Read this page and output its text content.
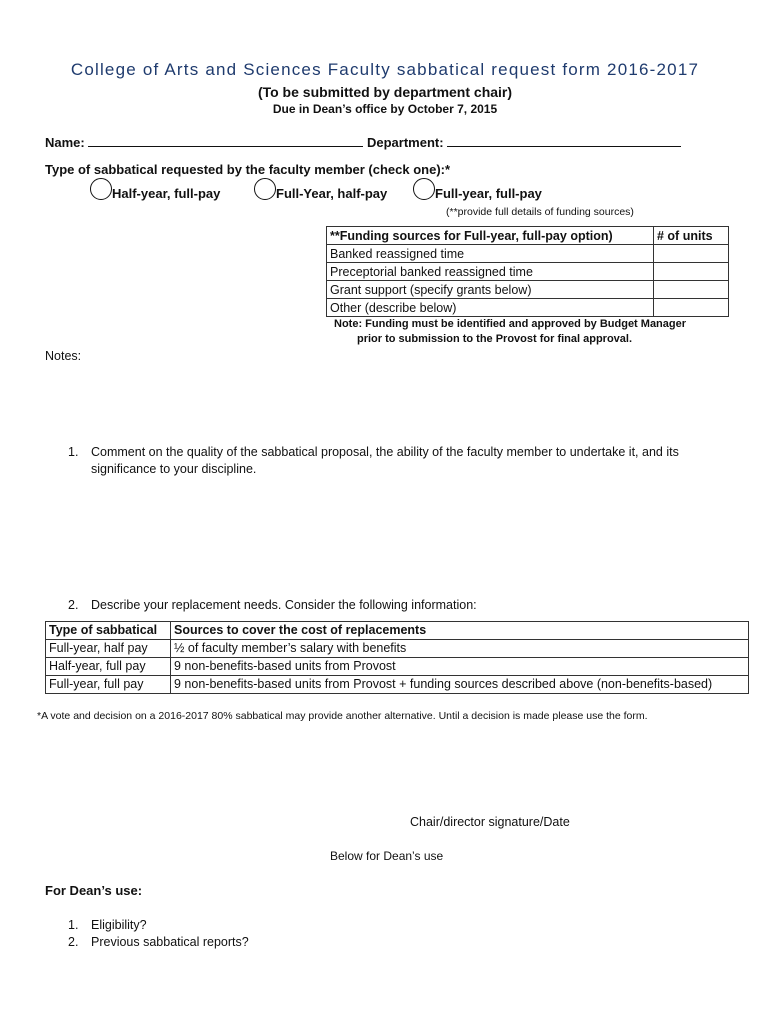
College of Arts and Sciences Faculty sabbatical request form 2016-2017
(To be submitted by department chair)
Due in Dean’s office by October 7, 2015
Name:	Department:
Type of sabbatical requested by the faculty member (check one):*
Half-year, full-pay	Full-Year, half-pay	Full-year, full-pay
(**provide full details of funding sources)
**Funding sources for Full-year, full-pay option)	# of units
Banked reassigned time	
Preceptorial banked reassigned time	
Grant support (specify grants below)	
Other (describe below)	
Note: Funding must be identified and approved by Budget Manager
prior to submission to the Provost for final approval.
Notes:
1. Comment on the quality of the sabbatical proposal, the ability of the faculty member to undertake it, and its
significance to your discipline.
2. Describe your replacement needs. Consider the following information:
Type of sabbatical	Sources to cover the cost of replacements
Full-year, half pay	½ of faculty member’s salary with benefits
Half-year, full pay	9 non-benefits-based units from Provost
Full-year, full pay	9 non-benefits-based units from Provost + funding sources described above (non-benefits-based)
*A vote and decision on a 2016-2017 80% sabbatical may provide another alternative. Until a decision is made please use the form.
Chair/director signature/Date
Below for Dean’s use
For Dean’s use:
1. Eligibility?
2. Previous sabbatical reports?
